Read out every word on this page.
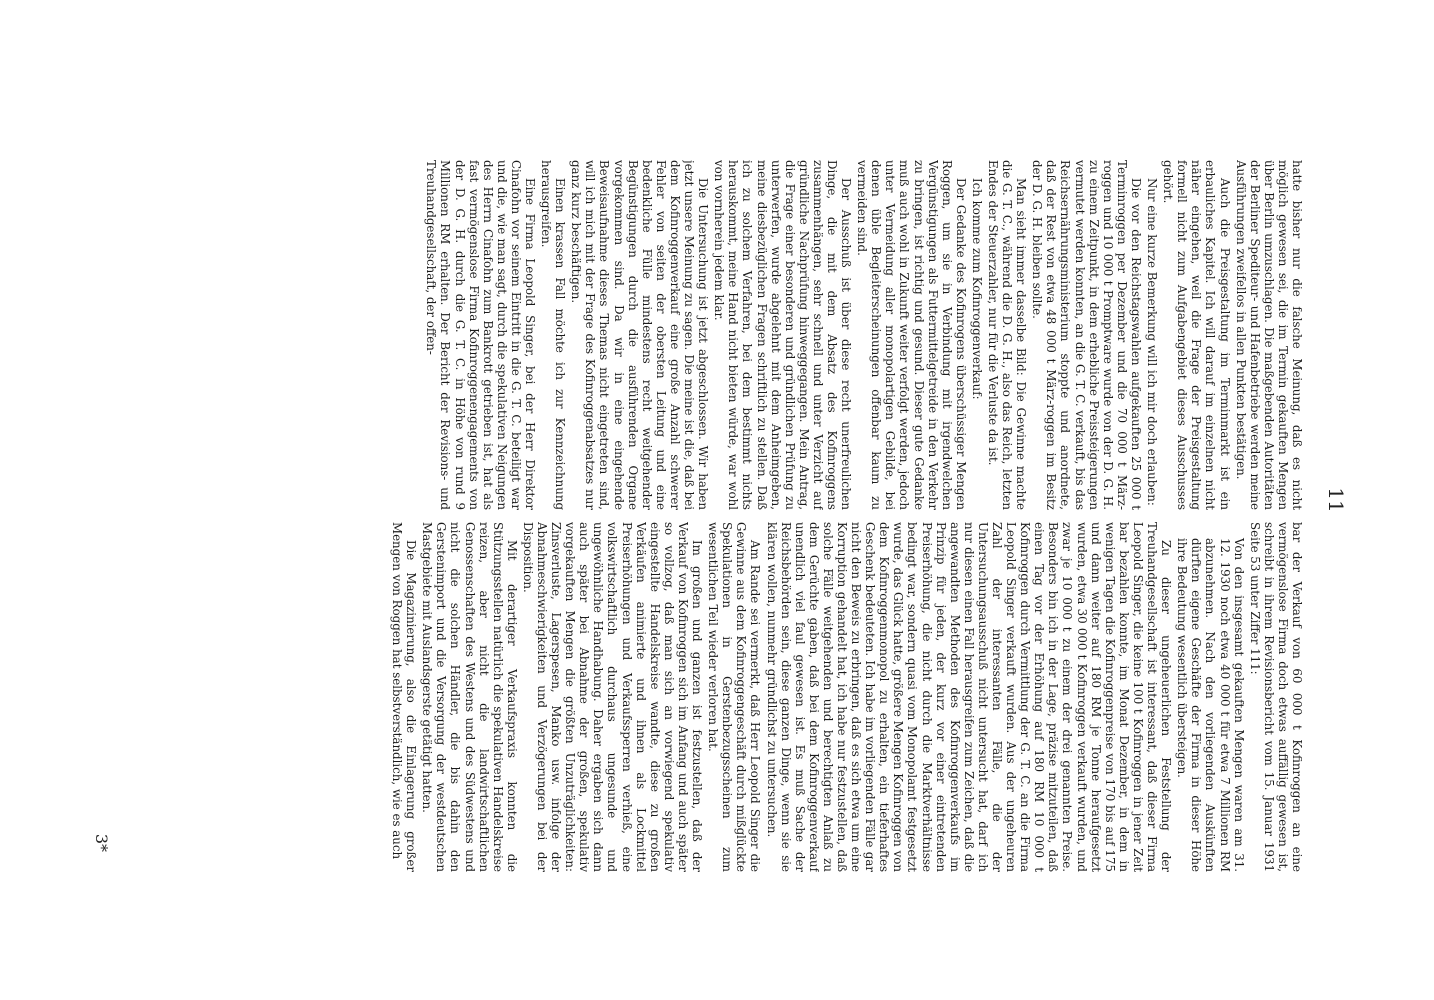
11

hatte bisher nur die falsche Meinung, daß es nicht möglich gewesen sei, die im Termin gekauften Mengen über Berlin umzuschlagen. Die maßgebenden Autoritäten der Berliner Spediteur- und Hafenbetriebe werden meine Ausführungen zweifellos in allen Punkten bestätigen.

Auch die Preisgestaltung im Terminmarkt ist ein erbauliches Kapitel. Ich will darauf im einzelnen nicht näher eingehen, weil die Frage der Preisgestaltung formell nicht zum Aufgabengebiet dieses Ausschusses gehört.

Nur eine kurze Bemerkung will ich mir doch erlauben:

Die vor den Reichstagswahlen aufgekauften 25 000 t Terminroggen per Dezember und die 70 000 t März-roggen und 10 000 t Promptware wurde von der D. G. H. zu einem Zeitpunkt, in dem erhebliche Preissteigerungen vermutet werden konnten, an die G. T. C. verkauft, bis das Reichsernährungsministerium stoppte und anordnete, daß der Rest von etwa 48 000 t März-roggen im Besitz der D. G. H. bleiben sollte.

Man sieht immer dasselbe Bild: Die Gewinne machte die G. T. C., während die D. G. H., also das Reich, letzten Endes der Steuerzahler, nur für die Verluste da ist.

Ich komme zum Kofinroggenverkauf:

Der Gedanke des Kofinrogens überschüssiger Mengen Roggen, um sie in Verbindung mit irgendwelchen Vergünstigungen als Futtermittelgetreide in den Verkehr zu bringen, ist richtig und gesund. Dieser gute Gedanke muß auch wohl in Zukunft weiter verfolgt werden, jedoch unter Vermeidung aller monopolartigen Gebilde, bei denen üble Begleiterscheinungen offenbar kaum zu vermeiden sind.

Der Ausschuß ist über diese recht unerfreulichen Dinge, die mit dem Absatz des Kofinroggens zusammenhängen, sehr schnell und unter Verzicht auf gründliche Nachprüfung hinweggegangen. Mein Antrag, die Frage einer besonderen und gründlichen Prüfung zu unterwerfen, wurde abgelehnt mit dem Anheimgeben, meine diesbezüglichen Fragen schriftlich zu stellen. Daß ich zu solchem Verfahren, bei dem bestimmt nichts herauskommt, meine Hand nicht bieten würde, war wohl von vornherein jedem klar.

Die Untersuchung ist jetzt abgeschlossen. Wir haben jetzt unsere Meinung zu sagen. Die meine ist die, daß bei dem Kofinroggenverkauf eine große Anzahl schwerer Fehler von seiten der obersten Leitung und eine bedenkliche Fülle mindestens recht weitgehender Begünstigungen durch die ausführenden Organe vorgekommen sind. Da wir in eine eingehende Beweisaufnahme dieses Themas nicht eingetreten sind, will ich mich mit der Frage des Kofinroggenabsatzes nur ganz kurz beschäftigen.

Einen krassen Fall möchte ich zur Kennzeichnung herausgreifen.

Eine Firma Leopold Singer, bei der Herr Direktor Cinafohn vor seinem Eintritt in die G. T. C. beteiligt war und die, wie man sagt, durch die spekulativen Neigungen des Herrn Cinafohn zum Bankrott getrieben ist, hat als fast vermögenslose Firma Kofinroggenengagements von der D. G. H. durch die G. T. C. in Höhe von rund 9 Millionen RM erhalten. Der Bericht der Revisions- und Treuhandgesellschaft, der offen-

bar der Verkauf von 60 000 t Kofinroggen an eine vermögenslose Firma doch etwas auffällig gewesen ist, schreibt in ihrem Revisionsbericht vom 15. Januar 1931 Seite 53 unter Ziffer 111:

Von den insgesamt gekauften Mengen waren am 31. 12. 1930 noch etwa 40 000 t für etwa 7 Millionen RM abzunehmen. Nach den vorliegenden Auskünften dürften eigene Geschäfte der Firma in dieser Höhe ihre Bedeutung wesentlich übersteigen.

Zu dieser ungeheuerlichen Feststellung der Treuhandgesellschaft ist interessant, daß dieser Firma Leopold Singer, die keine 100 t Kofinroggen in jener Zeit bar bezahlen konnte, im Monat Dezember, in dem in wenigen Tagen die Kofinroggenpreise von 170 bis auf 175 und dann weiter auf 180 RM je Tonne heraufgesetzt wurden, etwa 30 000 t Kofinroggen verkauft wurden, und zwar je 10 000 t zu einem der drei genannten Preise. Besonders bin ich in der Lage, präzise mitzuteilen, daß einen Tag vor der Erhöhung auf 180 RM 10 000 t Kofinroggen durch Vermittlung der G. T. C. an die Firma Leopold Singer verkauft wurden. Aus der ungeheuren Zahl der interessanten Fälle, die der Untersuchungsausschuß nicht untersucht hat, darf ich nur diesen einen Fall herausgreifen zum Zeichen, daß die angewandten Methoden des Kofinroggenverkaufs im Prinzip für jeden, der kurz vor einer eintretenden Preiserhöhung, die nicht durch die Marktverhältnisse bedingt war, sondern quasi vom Monopolamt festgesetzt wurde, das Glück hatte, größere Mengen Kofinroggen von dem Kofinroggenmonopol zu erhalten, ein tieferhaftes Geschenk bedeuteten. Ich habe im vorliegenden Fälle gar nicht den Beweis zu erbringen, daß es sich etwa um eine Korruption gehandelt hat, ich habe nur festzustellen, daß solche Fälle weitgehenden und berechtigten Anlaß zu dem Gerüchte gaben, daß bei dem Kofinroggenverkauf unendlich viel faul gewesen ist. Es muß Sache der Reichsbehörden sein, diese ganzen Dinge, wenn sie sie klären wollen, nunmehr gründlichst zu untersuchen.

Am Rande sei vermerkt, daß Herr Leopold Singer die Gewinne aus dem Kofinroggengeschäft durch mißglückte Spekulationen in Gerstenbezugsscheinen zum wesentlichen Teil wieder verloren hat.

Im großen und ganzen ist festzustellen, daß der Verkauf von Kofinroggen sich im Anfang und auch später so vollzog, daß man sich an vorwiegend spekulativ eingestellte Handelskreise wandte, diese zu großen Verkäufen animierte und ihnen als Lockmittel Preiserhöhungen und Verkaufssperren verhieß, eine volkswirtschaftlich durchaus ungesunde und ungewöhnliche Handhabung. Daher ergaben sich dann auch später bei Abnahme der großen, spekulativ vorgekauften Mengen die größten Unzuträglichkeiten: Zinsverluste, Lagerspesen, Manko usw. infolge der Abnahmeschwierigkeiten und Verzögerungen bei der Disposition.

Mit derartiger Verkaufspraxis konnten die Stützungsstellen natürlich die spekulativen Handelskreise reizen, aber nicht die landwirtschaftlichen Genossenschaften des Westens und des Südwestens und nicht die solchen Händler, die bis dahin den Gerstenimport und die Versorgung der westdeutschen Mastgebiete mit Auslandsgerste getätigt hatten.

Die Magazinierung, also die Einlagerung großer Mengen von Roggen hat selbstverständlich, wie es auch

3*
